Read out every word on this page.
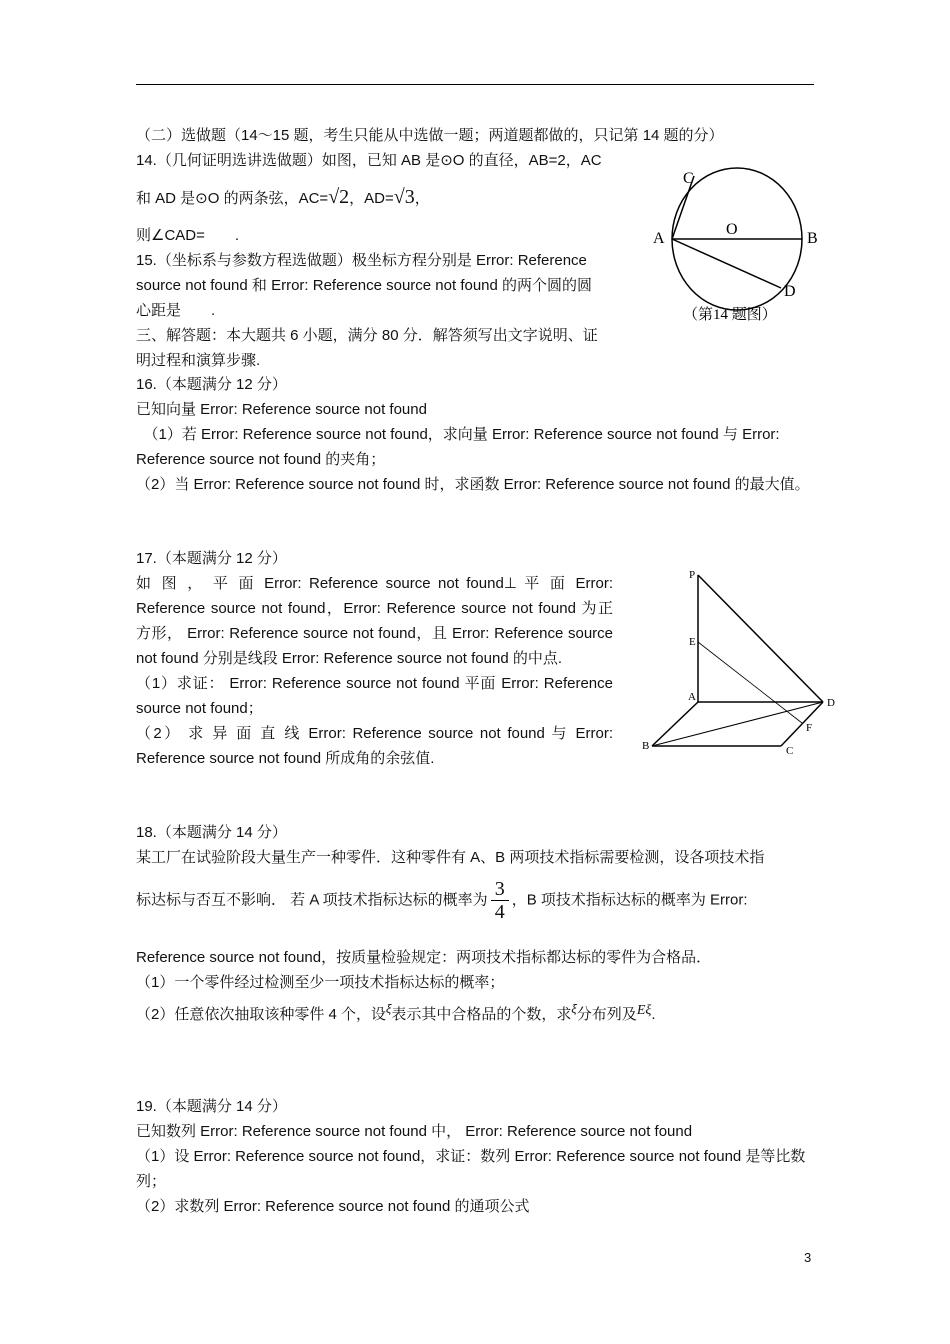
（二）选做题（14～15 题，考生只能从中选做一题；两道题都做的，只记第 14 题的分）
14.（几何证明选讲选做题）如图，已知 AB 是⊙O 的直径，AB=2，AC
和 AD 是⊙O 的两条弦，AC=√2，AD=√3，
则∠CAD=　　.
15.（坐标系与参数方程选做题）极坐标方程分别是 Error: Reference
source not found 和 Error: Reference source not found 的两个圆的圆
心距是　　.
三、解答题：本大题共 6 小题，满分 80 分．解答须写出文字说明、证
明过程和演算步骤.
16.（本题满分 12 分）
已知向量 Error: Reference source not found
　（1）若 Error: Reference source not found，求向量 Error: Reference source not found 与 Error:
Reference source not found 的夹角；
（2）当 Error: Reference source not found 时，求函数 Error: Reference source not found 的最大值。
17.（本题满分 12 分）
如 图 ， 平 面 Error: Reference source not found⊥ 平 面 Error:
Reference source not found，Error: Reference source not found 为正
方形， Error: Reference source not found，且 Error: Reference source
not found 分别是线段 Error: Reference source not found 的中点.
（1）求证： Error: Reference source not found 平面 Error: Reference
source not found；
（2） 求 异 面 直 线 Error: Reference source not found 与 Error:
Reference source not found 所成角的余弦值.
18.（本题满分 14 分）
某工厂在试验阶段大量生产一种零件．这种零件有 A、B 两项技术指标需要检测，设各项技术指
标达标与否互不影响． 若 A 项技术指标达标的概率为 $\frac{3}{4}$ ，B 项技术指标达标的概率为 Error:
Reference source not found，按质量检验规定：两项技术指标都达标的零件为合格品．
（1）一个零件经过检测至少一项技术指标达标的概率；
（2）任意依次抽取该种零件 4 个，设$^\xi$表示其中合格品的个数，求$^\xi$分布列及Eξ.
19.（本题满分 14 分）
已知数列 Error: Reference source not found 中， Error: Reference source not found
（1）设 Error: Reference source not found，求证：数列 Error: Reference source not found 是等比数
列；
（2）求数列 Error: Reference source not found 的通项公式
C
O
A	B
D
（第14 题图）
P
E
A	D
F
B	C
3
